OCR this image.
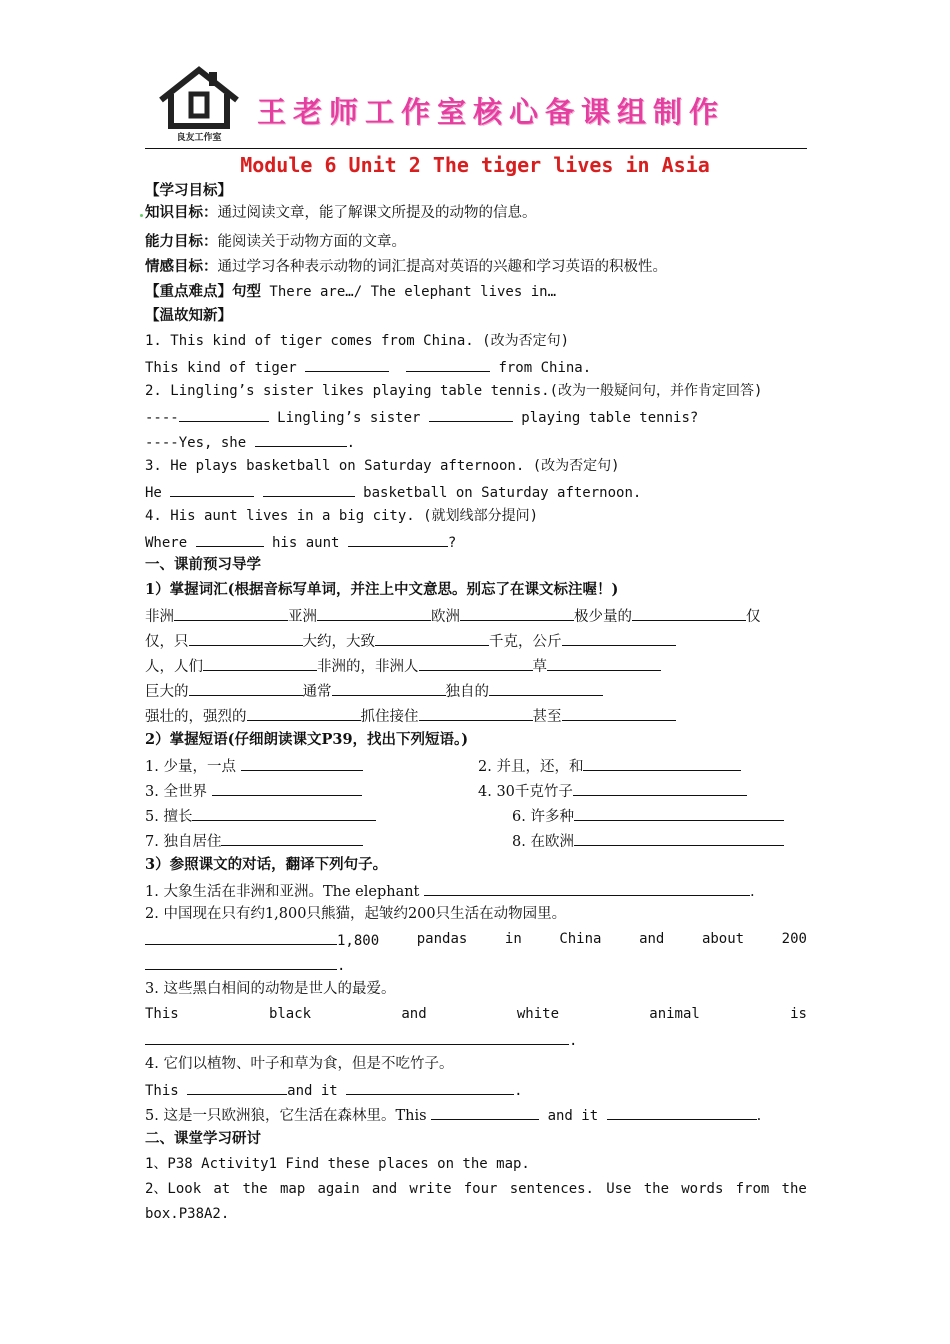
良友工作室
王老师工作室核心备课组制作
Module 6 Unit 2 The tiger lives in Asia
【学习目标】
知识目标：通过阅读文章，能了解课文所提及的动物的信息。
能力目标：能阅读关于动物方面的文章。
情感目标：通过学习各种表示动物的词汇提高对英语的兴趣和学习英语的积极性。
【重点难点】句型 There are…/ The elephant lives in…
【温故知新】
1. This kind of tiger comes from China. (改为否定句)
This kind of tiger	from China.
2. Lingling’s sister likes playing table tennis.(改为一般疑问句，并作肯定回答)
----	Lingling’s sister	playing table tennis?
----Yes, she	.
3. He plays basketball on Saturday afternoon. (改为否定句)
He	basketball on Saturday afternoon.
4. His aunt lives in a big city. (就划线部分提问)
Where	his aunt	?
一、课前预习导学
1）掌握词汇(根据音标写单词，并注上中文意思。别忘了在课文标注喔！)
非洲	亚洲	欧洲	极少量的	仅
仅，只	大约，大致	千克，公斤
人，人们	非洲的，非洲人	草
巨大的	通常	独自的
强壮的，强烈的	抓住接住	甚至
2）掌握短语(仔细朗读课文P39，找出下列短语。)
1. 少量，一点	2. 并且，还，和
3. 全世界	4. 30千克竹子
5. 擅长	6. 许多种
7. 独自居住	8. 在欧洲
3）参照课文的对话，翻译下列句子。
1. 大象生活在非洲和亚洲。The elephant	.
2. 中国现在只有约1,800只熊猫，起皱约200只生活在动物园里。
1,800	pandas	in	China	and	about	200
.
3. 这些黑白相间的动物是世人的最爱。
This	black	and	white	animal	is
.
4. 它们以植物、叶子和草为食，但是不吃竹子。
This	and it	.
5. 这是一只欧洲狼，它生活在森林里。This	and it	.
二、课堂学习研讨
1、P38 Activity1 Find these places on the map.
2、Look at the map again and write four sentences. Use the words from the
box.P38A2.
